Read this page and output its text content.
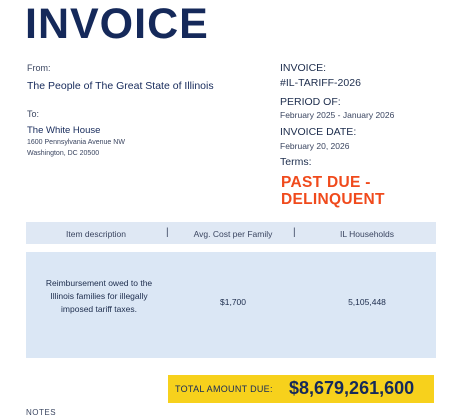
INVOICE
From:
The People of The Great State of Illinois
To:
The White House
1600 Pennsylvania Avenue NW
Washington, DC 20500
INVOICE:
#IL-TARIFF-2026
PERIOD OF:
February 2025 - January 2026
INVOICE DATE:
February 20, 2026
Terms:
PAST DUE -
DELINQUENT
Item description	|	Avg. Cost per Family	|	IL Households
Reimbursement owed to the Illinois families for illegally imposed tariff taxes.
$1,700	5,105,448
TOTAL AMOUNT DUE: $8,679,261,600
NOTES
